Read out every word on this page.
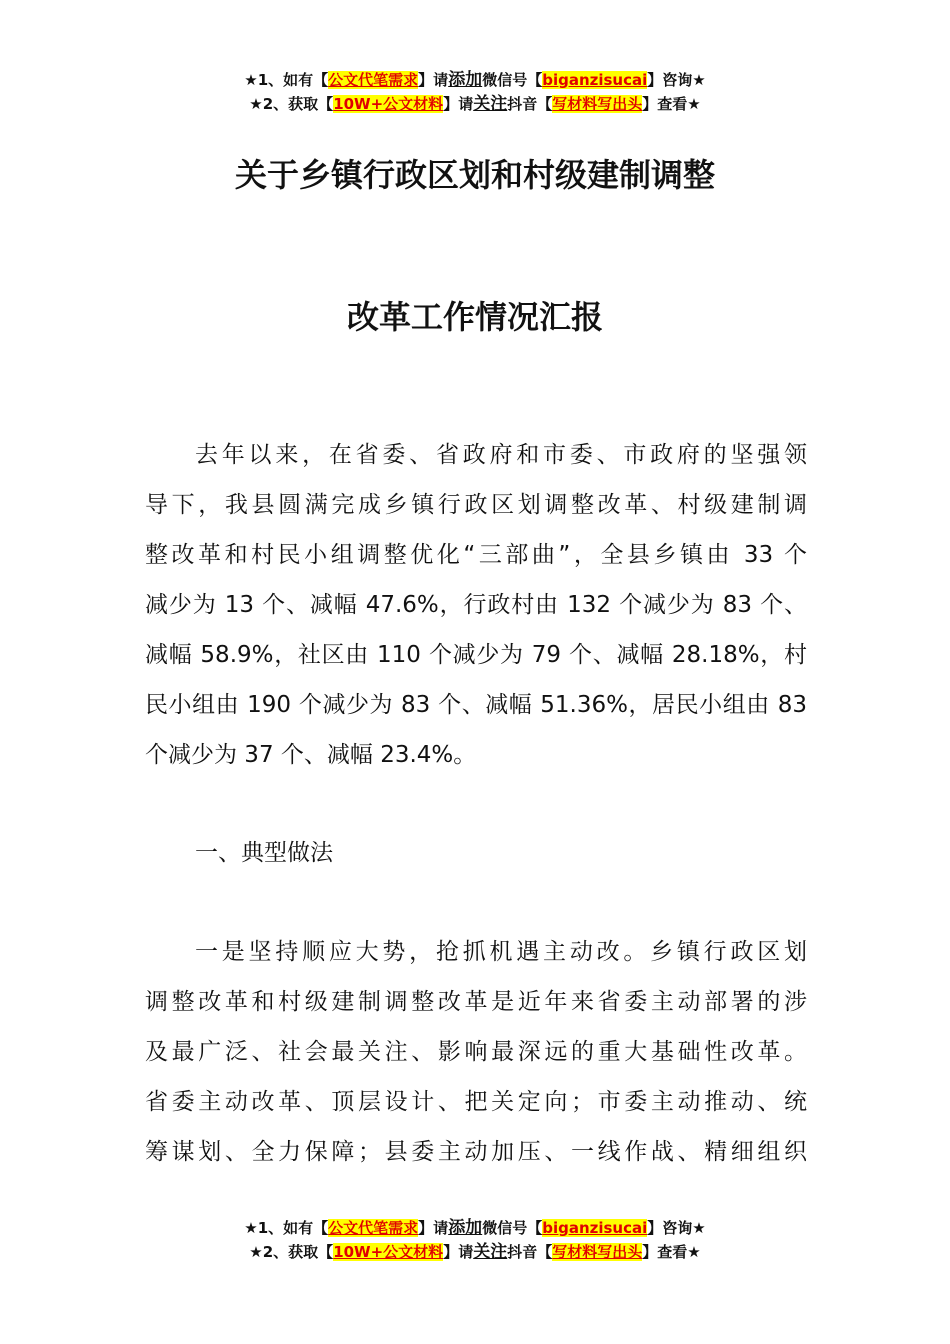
★1、如有【公文代笔需求】请添加微信号【biganzisucai】咨询★
★2、获取【10W+公文材料】请关注抖音【写材料写出头】查看★
关于乡镇行政区划和村级建制调整
改革工作情况汇报
去年以来，在省委、省政府和市委、市政府的坚强领
导下，我县圆满完成乡镇行政区划调整改革、村级建制调
整改革和村民小组调整优化“三部曲”，全县乡镇由 33 个
减少为 13 个、减幅 47.6%，行政村由 132 个减少为 83 个、
减幅 58.9%，社区由 110 个减少为 79 个、减幅 28.18%，村
民小组由 190 个减少为 83 个、减幅 51.36%，居民小组由 83
个减少为 37 个、减幅 23.4%。
一、典型做法
一是坚持顺应大势，抢抓机遇主动改。乡镇行政区划
调整改革和村级建制调整改革是近年来省委主动部署的涉
及最广泛、社会最关注、影响最深远的重大基础性改革。
省委主动改革、顶层设计、把关定向；市委主动推动、统
筹谋划、全力保障；县委主动加压、一线作战、精细组织
★1、如有【公文代笔需求】请添加微信号【biganzisucai】咨询★
★2、获取【10W+公文材料】请关注抖音【写材料写出头】查看★
